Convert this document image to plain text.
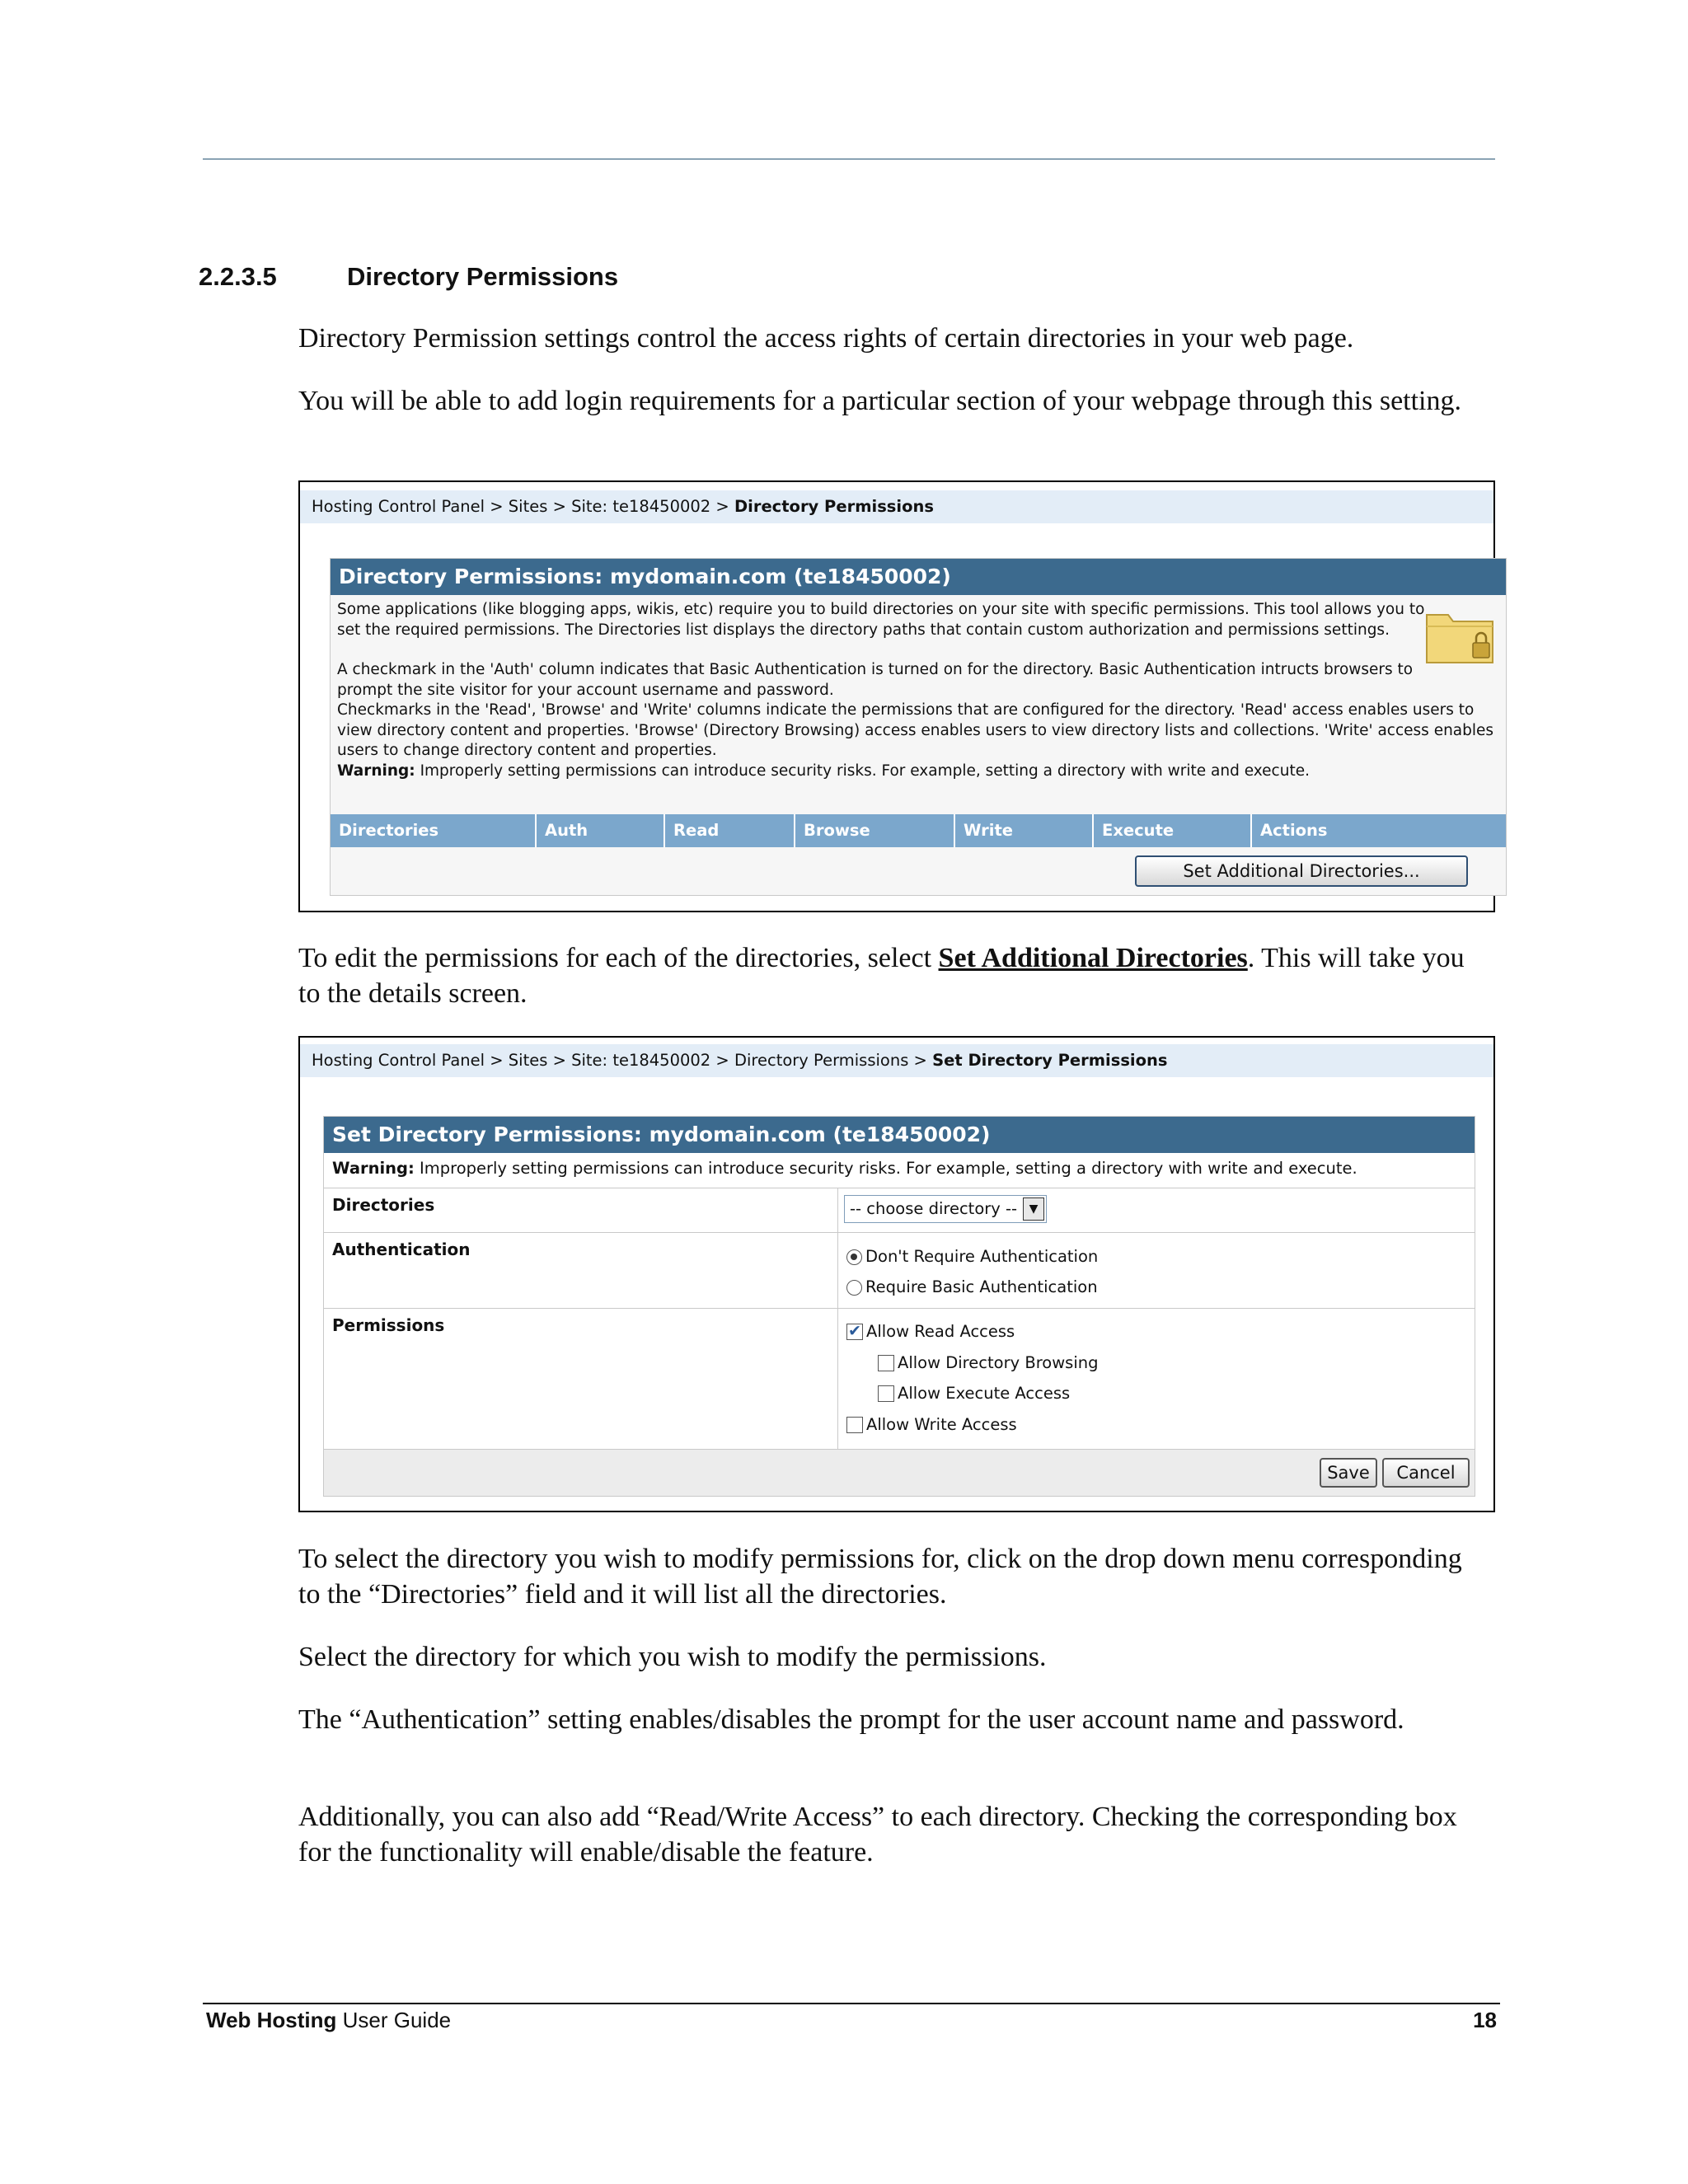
2.2.3.5	Directory Permissions

Directory Permission settings control the access rights of certain directories in your web page.

You will be able to add login requirements for a particular section of your webpage through this setting.

Hosting Control Panel > Sites > Site: te18450002 > Directory Permissions
Directory Permissions: mydomain.com (te18450002)

Some applications (like blogging apps, wikis, etc) require you to build directories on your site with specific permissions. This tool allows you to

set the required permissions. The Directories list displays the directory paths that contain custom authorization and permissions settings.

A checkmark in the 'Auth' column indicates that Basic Authentication is turned on for the directory. Basic Authentication intructs browsers to

prompt the site visitor for your account username and password.

Checkmarks in the 'Read', 'Browse' and 'Write' columns indicate the permissions that are configured for the directory. 'Read' access enables users to

view directory content and properties. 'Browse' (Directory Browsing) access enables users to view directory lists and collections. 'Write' access enables

users to change directory content and properties.

Warning: Improperly setting permissions can introduce security risks. For example, setting a directory with write and execute.

Directories	Auth	Read	Browse	Write	Execute	Actions
Set Additional Directories...

To edit the permissions for each of the directories, select Set Additional Directories. This will take you to the details screen.

Hosting Control Panel > Sites > Site: te18450002 > Directory Permissions > Set Directory Permissions
Set Directory Permissions: mydomain.com (te18450002)
Warning: Improperly setting permissions can introduce security risks. For example, setting a directory with write and execute.
Directories	-- choose directory --	▼
Authentication	Don't Require Authentication
Require Basic Authentication
Permissions
✔	Allow Read Access
Allow Directory Browsing
Allow Execute Access
Allow Write Access
Save	Cancel

To select the directory you wish to modify permissions for, click on the drop down menu corresponding to the “Directories” field and it will list all the directories.

Select the directory for which you wish to modify the permissions.

The “Authentication” setting enables/disables the prompt for the user account name and password.

Additionally, you can also add “Read/Write Access” to each directory. Checking the corresponding box for the functionality will enable/disable the feature.

Web Hosting User Guide	18
